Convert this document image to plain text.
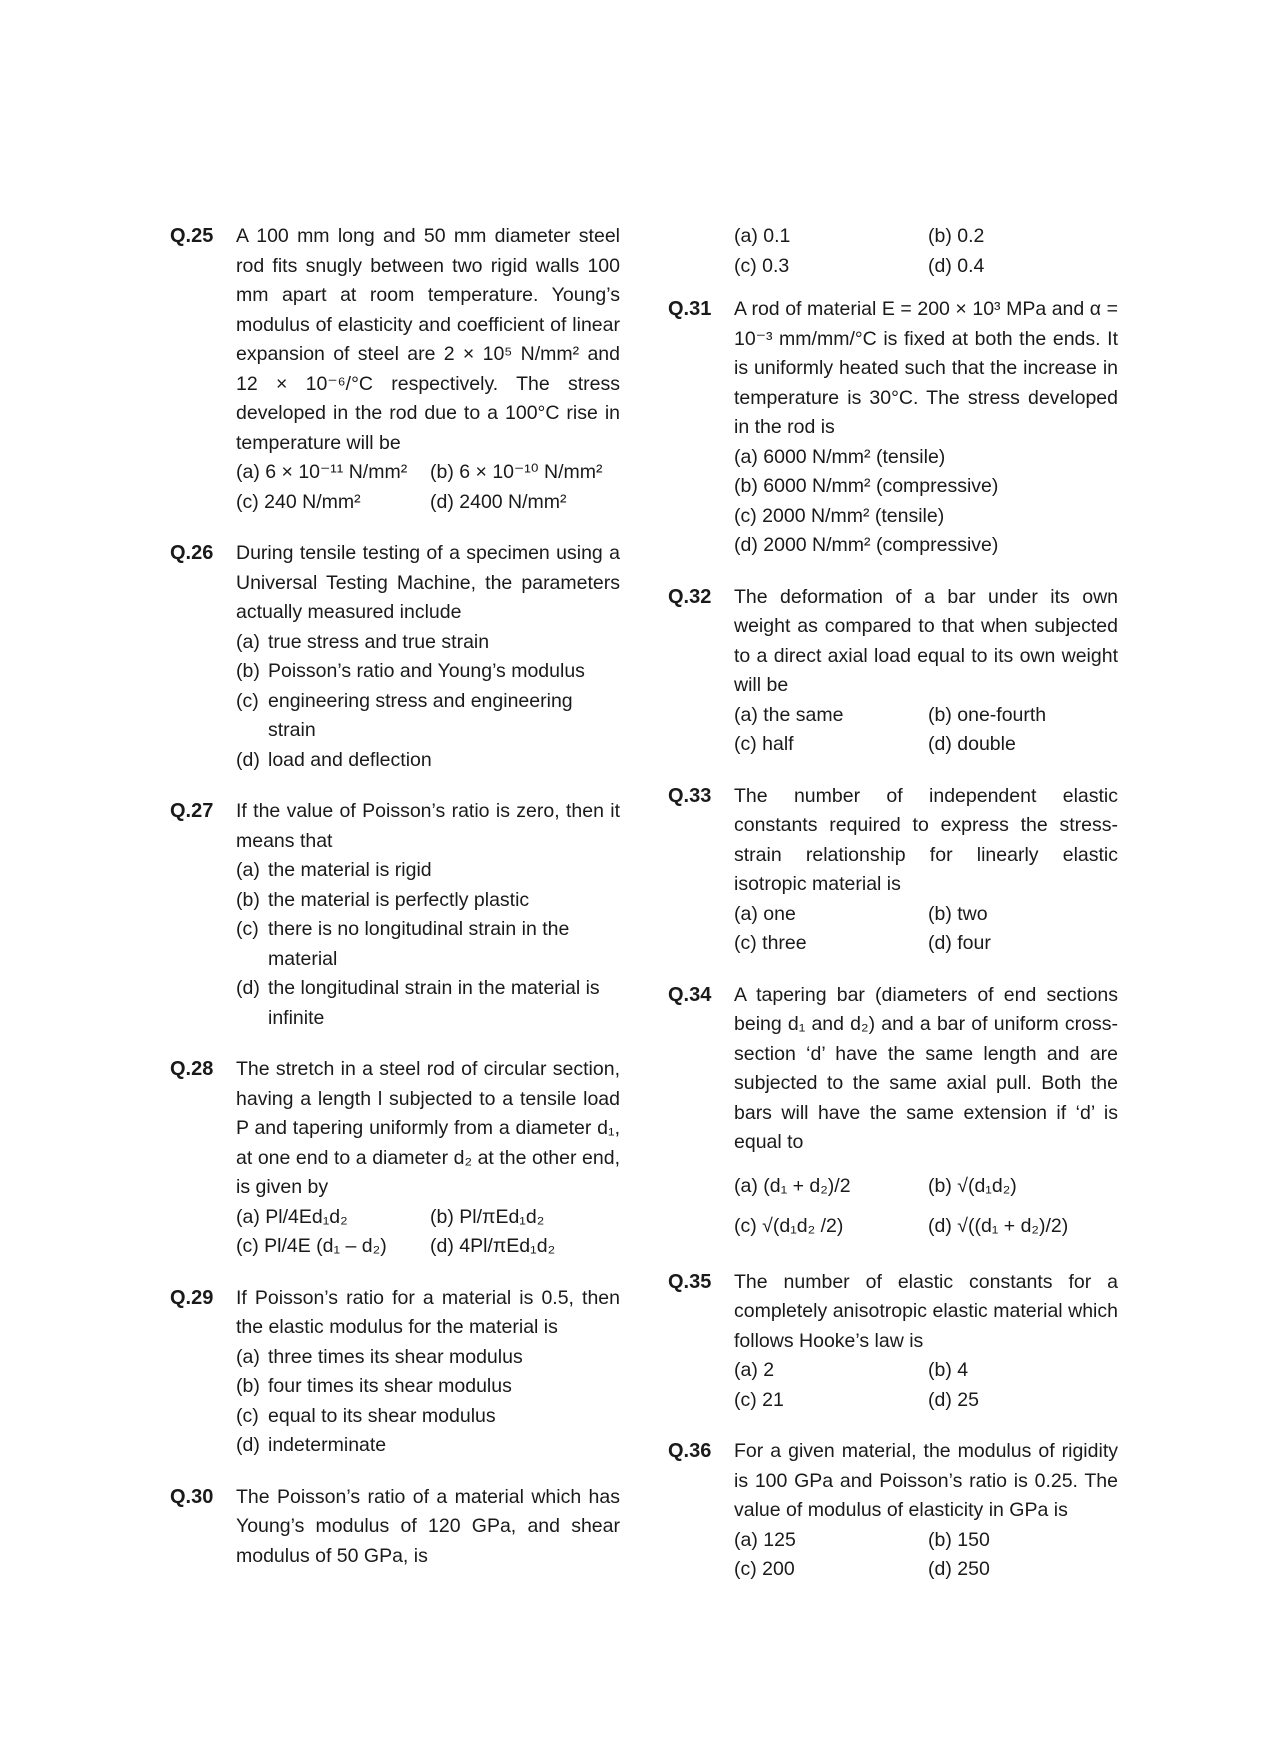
Q.25 A 100 mm long and 50 mm diameter steel rod fits snugly between two rigid walls 100 mm apart at room temperature. Young’s modulus of elasticity and coefficient of linear expansion of steel are 2 × 10⁵ N/mm² and 12 × 10⁻⁶/°C respectively. The stress developed in the rod due to a 100°C rise in temperature will be
(a) 6 × 10⁻¹¹ N/mm²	(b) 6 × 10⁻¹⁰ N/mm²
(c) 240 N/mm²	(d) 2400 N/mm²
Q.26 During tensile testing of a specimen using a Universal Testing Machine, the parameters actually measured include
(a) true stress and true strain
(b) Poisson’s ratio and Young’s modulus
(c) engineering stress and engineering strain
(d) load and deflection
Q.27 If the value of Poisson’s ratio is zero, then it means that
(a) the material is rigid
(b) the material is perfectly plastic
(c) there is no longitudinal strain in the material
(d) the longitudinal strain in the material is infinite
Q.28 The stretch in a steel rod of circular section, having a length l subjected to a tensile load P and tapering uniformly from a diameter d₁, at one end to a diameter d₂ at the other end, is given by
(a) Pl/4Ed₁d₂	(b) Pl/πEd₁d₂
(c) Pl/4E (d₁ – d₂)	(d) 4Pl/πEd₁d₂
Q.29 If Poisson’s ratio for a material is 0.5, then the elastic modulus for the material is
(a) three times its shear modulus
(b) four times its shear modulus
(c) equal to its shear modulus
(d) indeterminate
Q.30 The Poisson’s ratio of a material which has Young’s modulus of 120 GPa, and shear modulus of 50 GPa, is
(a) 0.1	(b) 0.2
(c) 0.3	(d) 0.4
Q.31 A rod of material E = 200 × 10³ MPa and α = 10⁻³ mm/mm/°C is fixed at both the ends. It is uniformly heated such that the increase in temperature is 30°C. The stress developed in the rod is
(a) 6000 N/mm² (tensile)
(b) 6000 N/mm² (compressive)
(c) 2000 N/mm² (tensile)
(d) 2000 N/mm² (compressive)
Q.32 The deformation of a bar under its own weight as compared to that when subjected to a direct axial load equal to its own weight will be
(a) the same	(b) one-fourth
(c) half	(d) double
Q.33 The number of independent elastic constants required to express the stress-strain relationship for linearly elastic isotropic material is
(a) one	(b) two
(c) three	(d) four
Q.34 A tapering bar (diameters of end sections being d₁ and d₂) and a bar of uniform cross-section ‘d’ have the same length and are subjected to the same axial pull. Both the bars will have the same extension if ‘d’ is equal to
(a) (d₁ + d₂)/2	(b) √(d₁d₂)
(c) √(d₁d₂ /2)	(d) √((d₁ + d₂)/2)
Q.35 The number of elastic constants for a completely anisotropic elastic material which follows Hooke’s law is
(a) 2	(b) 4
(c) 21	(d) 25
Q.36 For a given material, the modulus of rigidity is 100 GPa and Poisson’s ratio is 0.25. The value of modulus of elasticity in GPa is
(a) 125	(b) 150
(c) 200	(d) 250
